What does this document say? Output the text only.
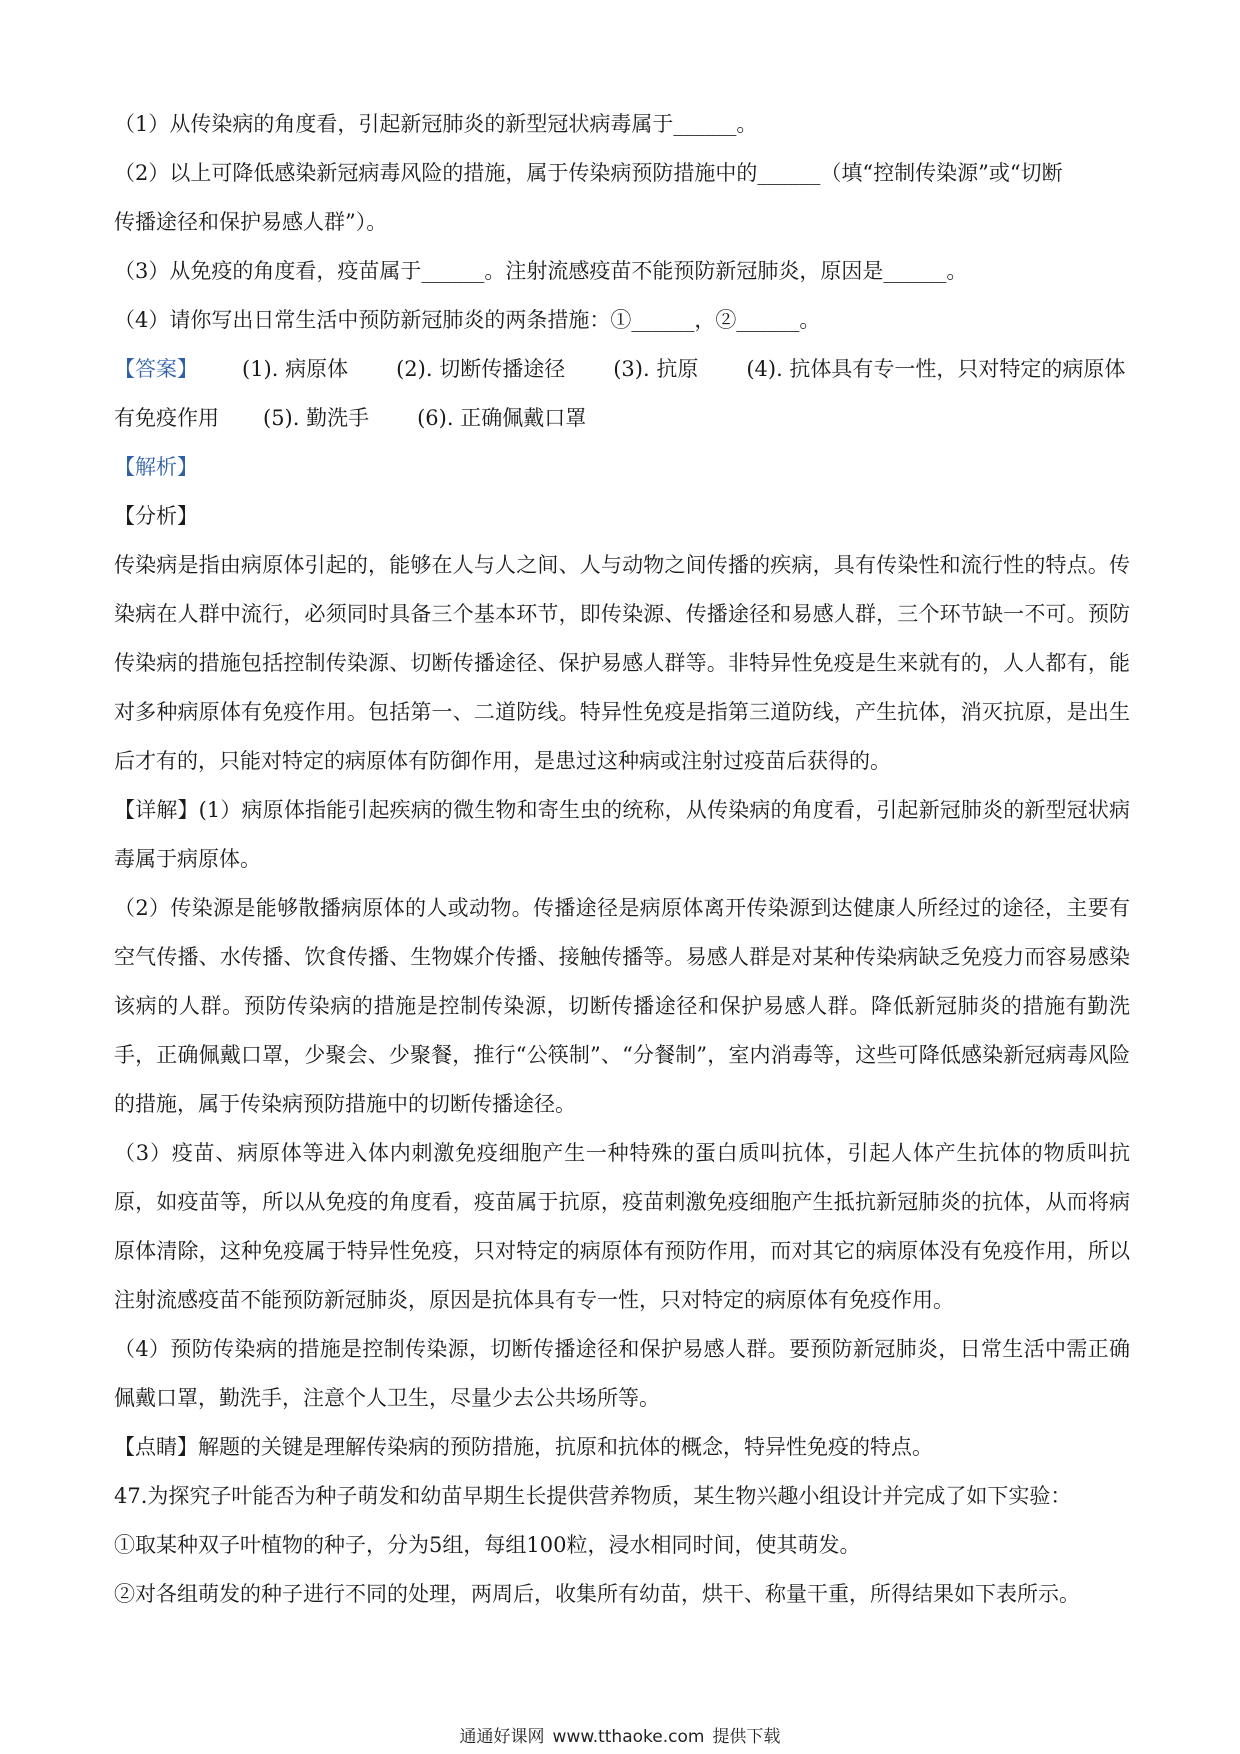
（1）从传染病的角度看，引起新冠肺炎的新型冠状病毒属于______。
（2）以上可降低感染新冠病毒风险的措施，属于传染病预防措施中的______（填“控制传染源”或“切断
传播途径和保护易感人群”）。
（3）从免疫的角度看，疫苗属于______。注射流感疫苗不能预防新冠肺炎，原因是______。
（4）请你写出日常生活中预防新冠肺炎的两条措施：①______，②______。
【答案】 (1). 病原体 (2). 切断传播途径 (3). 抗原 (4). 抗体具有专一性，只对特定的病原体
有免疫作用 (5). 勤洗手 (6). 正确佩戴口罩
【解析】
【分析】
传染病是指由病原体引起的，能够在人与人之间、人与动物之间传播的疾病，具有传染性和流行性的特点。传染病在人群中流行，必须同时具备三个基本环节，即传染源、传播途径和易感人群，三个环节缺一不可。预防传染病的措施包括控制传染源、切断传播途径、保护易感人群等。非特异性免疫是生来就有的，人人都有，能对多种病原体有免疫作用。包括第一、二道防线。特异性免疫是指第三道防线，产生抗体，消灭抗原，是出生后才有的，只能对特定的病原体有防御作用，是患过这种病或注射过疫苗后获得的。
【详解】(1）病原体指能引起疾病的微生物和寄生虫的统称，从传染病的角度看，引起新冠肺炎的新型冠状病毒属于病原体。
（2）传染源是能够散播病原体的人或动物。传播途径是病原体离开传染源到达健康人所经过的途径，主要有空气传播、水传播、饮食传播、生物媒介传播、接触传播等。易感人群是对某种传染病缺乏免疫力而容易感染该病的人群。预防传染病的措施是控制传染源，切断传播途径和保护易感人群。降低新冠肺炎的措施有勤洗手，正确佩戴口罩，少聚会、少聚餐，推行“公筷制”、“分餐制”，室内消毒等，这些可降低感染新冠病毒风险的措施，属于传染病预防措施中的切断传播途径。
（3）疫苗、病原体等进入体内刺激免疫细胞产生一种特殊的蛋白质叫抗体，引起人体产生抗体的物质叫抗原，如疫苗等，所以从免疫的角度看，疫苗属于抗原，疫苗刺激免疫细胞产生抵抗新冠肺炎的抗体，从而将病原体清除，这种免疫属于特异性免疫，只对特定的病原体有预防作用，而对其它的病原体没有免疫作用，所以注射流感疫苗不能预防新冠肺炎，原因是抗体具有专一性，只对特定的病原体有免疫作用。
（4）预防传染病的措施是控制传染源，切断传播途径和保护易感人群。要预防新冠肺炎，日常生活中需正确佩戴口罩，勤洗手，注意个人卫生，尽量少去公共场所等。
【点睛】解题的关键是理解传染病的预防措施，抗原和抗体的概念，特异性免疫的特点。
47.为探究子叶能否为种子萌发和幼苗早期生长提供营养物质，某生物兴趣小组设计并完成了如下实验：
①取某种双子叶植物的种子，分为5组，每组100粒，浸水相同时间，使其萌发。
②对各组萌发的种子进行不同的处理，两周后，收集所有幼苗，烘干、称量干重，所得结果如下表所示。
通通好课网 www.tthaoke.com 提供下载
